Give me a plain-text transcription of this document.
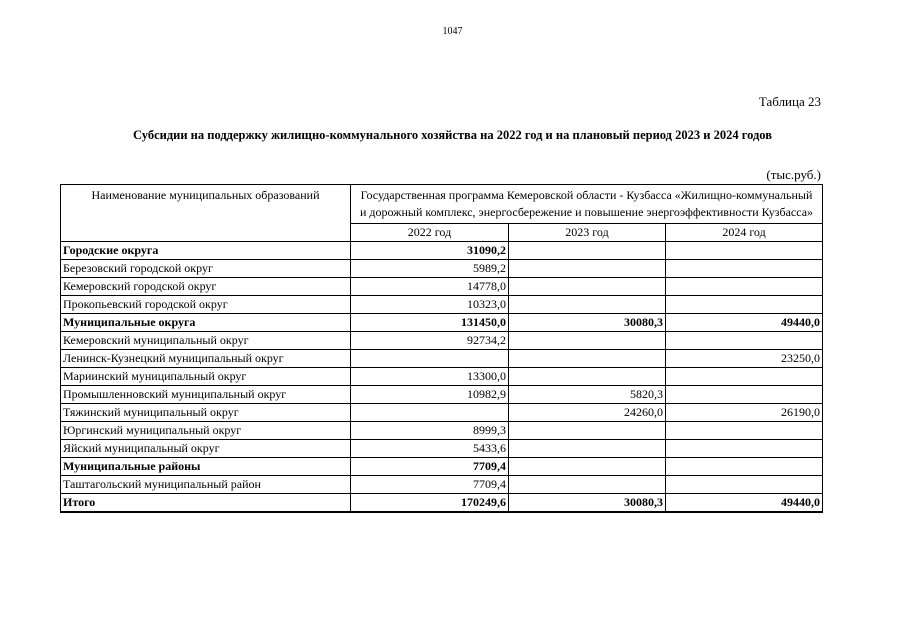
1047
Таблица 23
Субсидии на поддержку жилищно-коммунального хозяйства на 2022 год и на плановый период 2023 и 2024 годов
(тыс.руб.)
Наименование муниципальных образований	Государственная программа Кемеровской области - Кузбасса «Жилищно-коммунальный и дорожный комплекс, энергосбережение и повышение энергоэффективности Кузбасса»		
	2022 год	2023 год	2024 год
Городские округа	31090,2		
Березовский городской округ	5989,2		
Кемеровский городской округ	14778,0		
Прокопьевский городской округ	10323,0		
Муниципальные округа	131450,0	30080,3	49440,0
Кемеровский муниципальный округ	92734,2		
Ленинск-Кузнецкий муниципальный округ			23250,0
Мариинский муниципальный округ	13300,0		
Промышленновский муниципальный округ	10982,9	5820,3	
Тяжинский муниципальный округ		24260,0	26190,0
Юргинский муниципальный округ	8999,3		
Яйский муниципальный округ	5433,6		
Муниципальные районы	7709,4		
Таштагольский муниципальный район	7709,4		
Итого	170249,6	30080,3	49440,0
